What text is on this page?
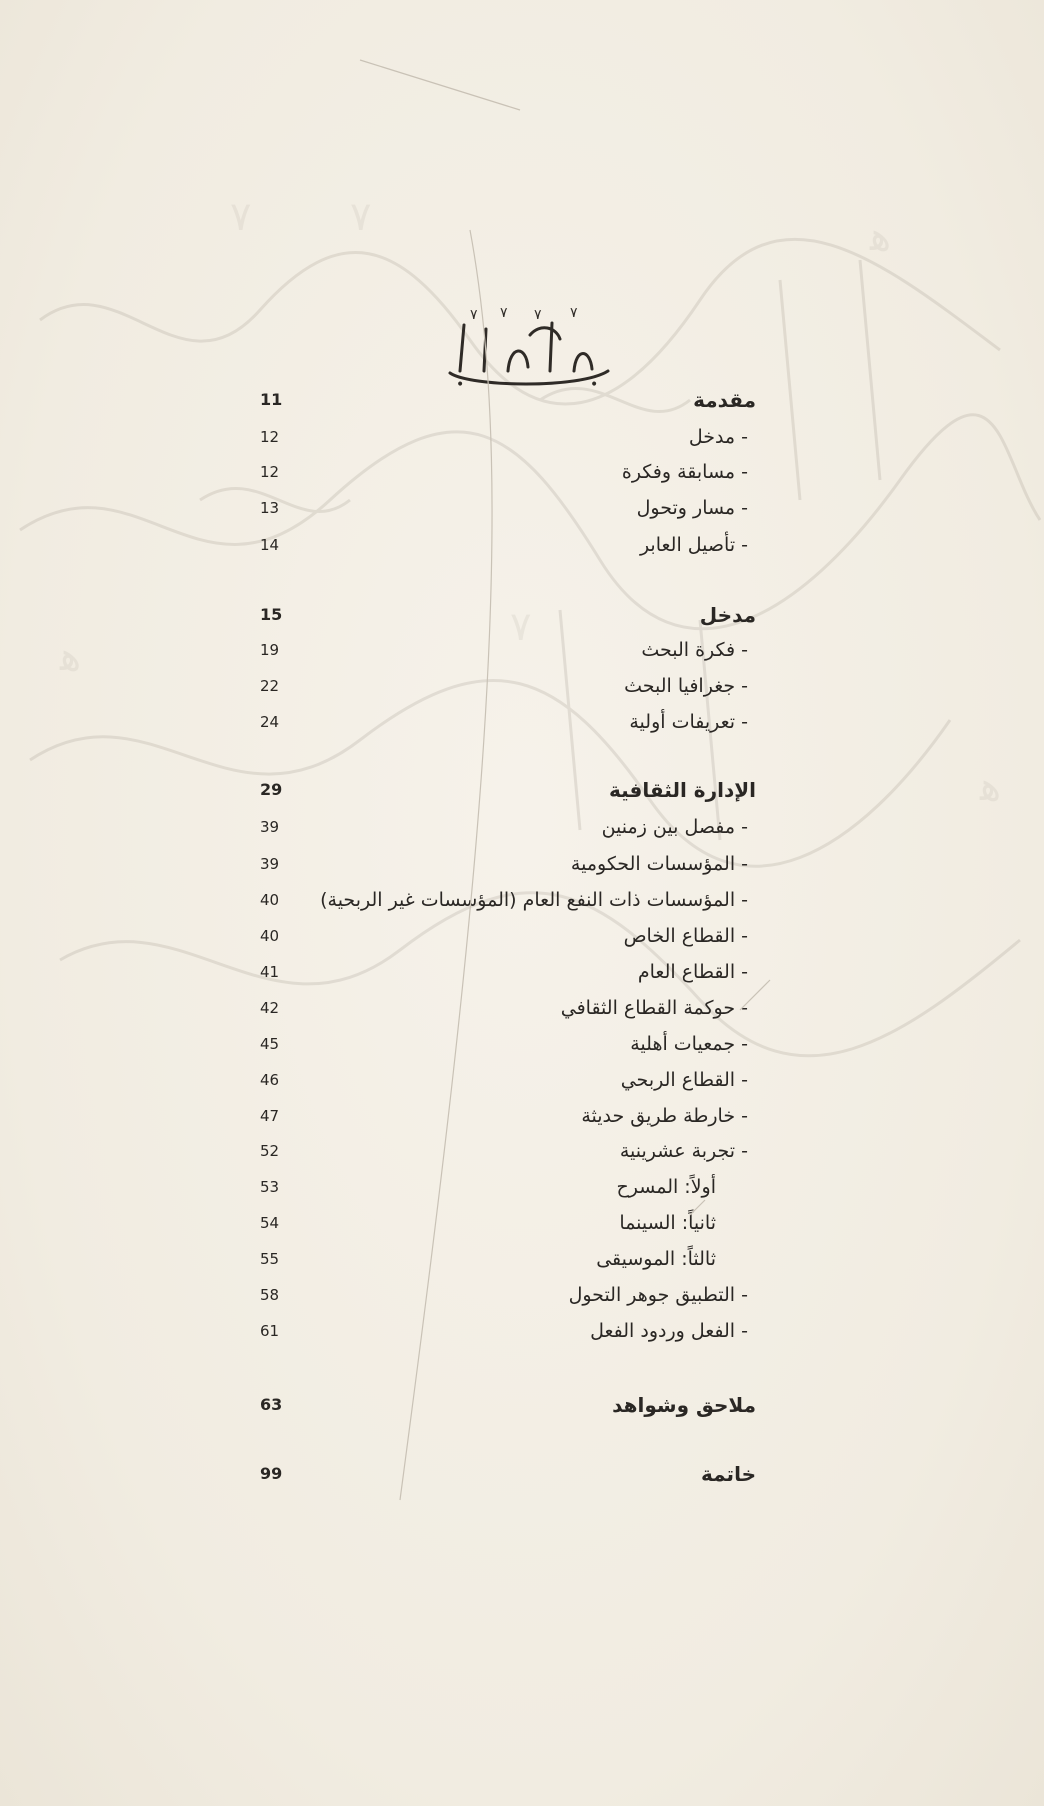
٧ ٧
٧
ﻫ
ﻫ
ﻫ
٧ ٧ ٧ ٧
•	•
مقدمة
11
- مدخل
12
- مسابقة وفكرة
12
- مسار وتحول
13
- تأصيل العابر
14
مدخل
15
- فكرة البحث
19
- جغرافيا البحث
22
- تعريفات أولية
24
الإدارة الثقافية
29
- مفصل بين زمنين
39
- المؤسسات الحكومية
39
- المؤسسات ذات النفع العام (المؤسسات غير الربحية)
40
- القطاع الخاص
40
- القطاع العام
41
- حوكمة القطاع الثقافي
42
- جمعيات أهلية
45
- القطاع الربحي
46
- خارطة طريق حديثة
47
- تجربة عشرينية
52
أولاً: المسرح
53
ثانياً: السينما
54
ثالثاً: الموسيقى
55
- التطبيق جوهر التحول
58
- الفعل وردود الفعل
61
ملاحق وشواهد
63
خاتمة
99
